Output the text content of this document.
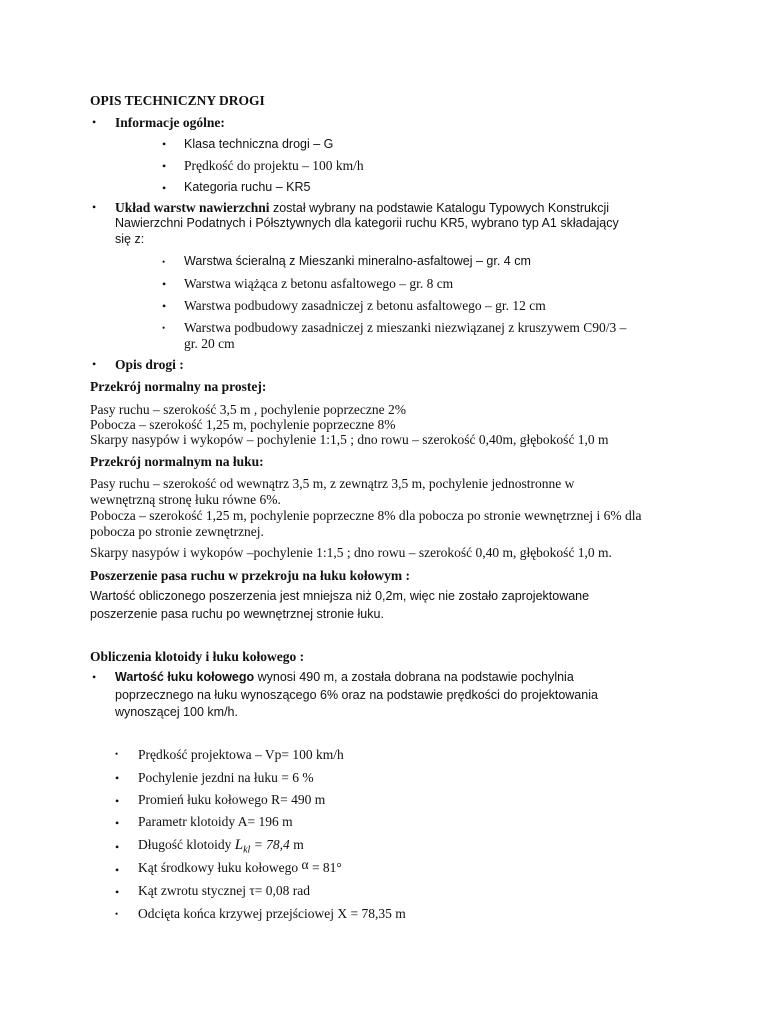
OPIS TECHNICZNY DROGI
• Informacje ogólne:
• Klasa techniczna drogi – G
• Prędkość do projektu – 100 km/h
• Kategoria ruchu – KR5
• Układ warstw nawierzchni został wybrany na podstawie Katalogu Typowych Konstrukcji
Nawierzchni Podatnych i Półsztywnych dla kategorii ruchu KR5, wybrano typ A1 składający
się z:
• Warstwa ścieralną z Mieszanki mineralno-asfaltowej – gr. 4 cm
• Warstwa wiążąca z betonu asfaltowego – gr. 8 cm
• Warstwa podbudowy zasadniczej z betonu asfaltowego – gr. 12 cm
• Warstwa podbudowy zasadniczej z mieszanki niezwiązanej z kruszywem C90/3 –
gr. 20 cm
• Opis drogi :
Przekrój normalny na prostej:
Pasy ruchu – szerokość 3,5 m , pochylenie poprzeczne 2%
Pobocza – szerokość 1,25 m, pochylenie poprzeczne 8%
Skarpy nasypów i wykopów – pochylenie 1:1,5 ; dno rowu – szerokość 0,40m, głębokość 1,0 m
Przekrój normalnym na łuku:
Pasy ruchu – szerokość od wewnątrz 3,5 m, z zewnątrz 3,5 m, pochylenie jednostronne w
wewnętrzną stronę łuku równe 6%.
Pobocza – szerokość 1,25 m, pochylenie poprzeczne 8% dla pobocza po stronie wewnętrznej i 6% dla
pobocza po stronie zewnętrznej.
Skarpy nasypów i wykopów –pochylenie 1:1,5 ; dno rowu – szerokość 0,40 m, głębokość 1,0 m.
Poszerzenie pasa ruchu w przekroju na łuku kołowym :
Wartość obliczonego poszerzenia jest mniejsza niż 0,2m, więc nie zostało zaprojektowane
poszerzenie pasa ruchu po wewnętrznej stronie łuku.
Obliczenia klotoidy i łuku kołowego :
• Wartość łuku kołowego wynosi 490 m, a została dobrana na podstawie pochylnia
poprzecznego na łuku wynoszącego 6% oraz na podstawie prędkości do projektowania
wynoszącej 100 km/h.
• Prędkość projektowa – Vp= 100 km/h
• Pochylenie jezdni na łuku = 6 %
• Promień łuku kołowego R= 490 m
• Parametr klotoidy A= 196 m
• Długość klotoidy $L_{kl} = 78,4$ m
• Kąt środkowy łuku kołowego α = 81°
• Kąt zwrotu stycznej τ= 0,08 rad
• Odcięta końca krzywej przejściowej X = 78,35 m
